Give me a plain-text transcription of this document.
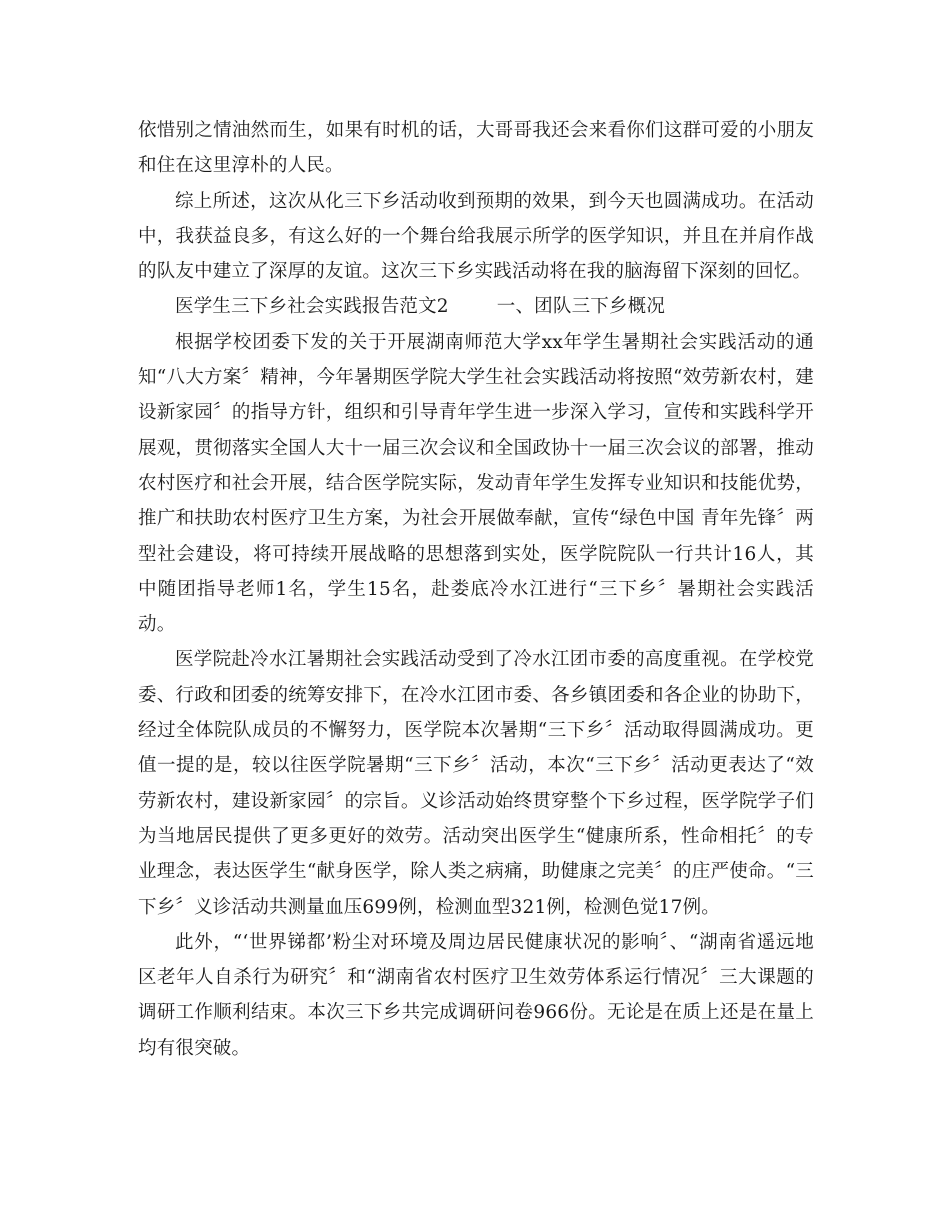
依惜别之情油然而生，如果有时机的话，大哥哥我还会来看你们这群可爱的小朋友和住在这里淳朴的人民。

综上所述，这次从化三下乡活动收到预期的效果，到今天也圆满成功。在活动中，我获益良多，有这么好的一个舞台给我展示所学的医学知识，并且在并肩作战的队友中建立了深厚的友谊。这次三下乡实践活动将在我的脑海留下深刻的回忆。

医学生三下乡社会实践报告范文2	一、团队三下乡概况

根据学校团委下发的关于开展湖南师范大学xx年学生暑期社会实践活动的通知“八大方案〞精神，今年暑期医学院大学生社会实践活动将按照“效劳新农村，建设新家园〞的指导方针，组织和引导青年学生进一步深入学习，宣传和实践科学开展观，贯彻落实全国人大十一届三次会议和全国政协十一届三次会议的部署，推动农村医疗和社会开展，结合医学院实际，发动青年学生发挥专业知识和技能优势，推广和扶助农村医疗卫生方案，为社会开展做奉献，宣传“绿色中国 青年先锋〞两型社会建设，将可持续开展战略的思想落到实处，医学院院队一行共计16人，其中随团指导老师1名，学生15名，赴娄底冷水江进行“三下乡〞暑期社会实践活动。

医学院赴冷水江暑期社会实践活动受到了冷水江团市委的高度重视。在学校党委、行政和团委的统筹安排下，在冷水江团市委、各乡镇团委和各企业的协助下，经过全体院队成员的不懈努力，医学院本次暑期“三下乡〞活动取得圆满成功。更值一提的是，较以往医学院暑期“三下乡〞活动，本次“三下乡〞活动更表达了“效劳新农村，建设新家园〞的宗旨。义诊活动始终贯穿整个下乡过程，医学院学子们为当地居民提供了更多更好的效劳。活动突出医学生“健康所系，性命相托〞的专业理念，表达医学生“献身医学，除人类之病痛，助健康之完美〞的庄严使命。“三下乡〞义诊活动共测量血压699例，检测血型321例，检测色觉17例。

此外，“‘世界锑都’粉尘对环境及周边居民健康状况的影响〞、“湖南省遥远地区老年人自杀行为研究〞和“湖南省农村医疗卫生效劳体系运行情况〞三大课题的调研工作顺利结束。本次三下乡共完成调研问卷966份。无论是在质上还是在量上均有很突破。
